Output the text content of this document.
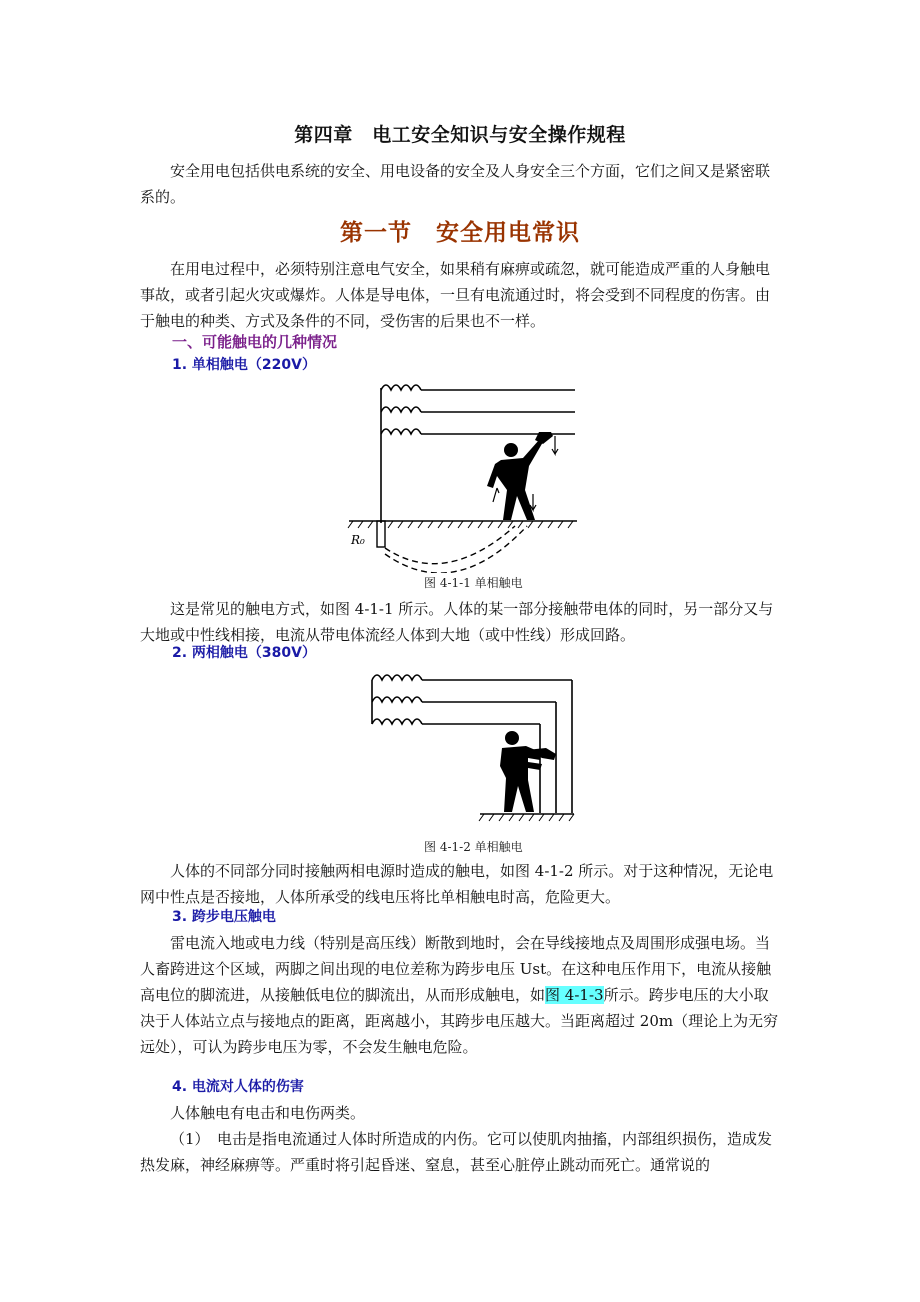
第四章　电工安全知识与安全操作规程

安全用电包括供电系统的安全、用电设备的安全及人身安全三个方面，它们之间又是紧密联系的。

第一节　安全用电常识

在用电过程中，必须特别注意电气安全，如果稍有麻痹或疏忽，就可能造成严重的人身触电事故，或者引起火灾或爆炸。人体是导电体，一旦有电流通过时，将会受到不同程度的伤害。由于触电的种类、方式及条件的不同，受伤害的后果也不一样。

一、可能触电的几种情况
1. 单相触电（220V）
R₀
图 4-1-1 单相触电

这是常见的触电方式，如图 4-1-1 所示。人体的某一部分接触带电体的同时，另一部分又与大地或中性线相接，电流从带电体流经人体到大地（或中性线）形成回路。

2. 两相触电（380V）
图 4-1-2 单相触电

人体的不同部分同时接触两相电源时造成的触电，如图 4-1-2 所示。对于这种情况，无论电网中性点是否接地，人体所承受的线电压将比单相触电时高，危险更大。

3. 跨步电压触电

雷电流入地或电力线（特别是高压线）断散到地时，会在导线接地点及周围形成强电场。当人畜跨进这个区域，两脚之间出现的电位差称为跨步电压 Ust。在这种电压作用下，电流从接触高电位的脚流进，从接触低电位的脚流出，从而形成触电，如图 4-1-3所示。跨步电压的大小取决于人体站立点与接地点的距离，距离越小，其跨步电压越大。当距离超过 20m（理论上为无穷远处），可认为跨步电压为零，不会发生触电危险。

4. 电流对人体的伤害

人体触电有电击和电伤两类。

（1）　电击是指电流通过人体时所造成的内伤。它可以使肌肉抽搐，内部组织损伤，造成发热发麻，神经麻痹等。严重时将引起昏迷、窒息，甚至心脏停止跳动而死亡。通常说的
